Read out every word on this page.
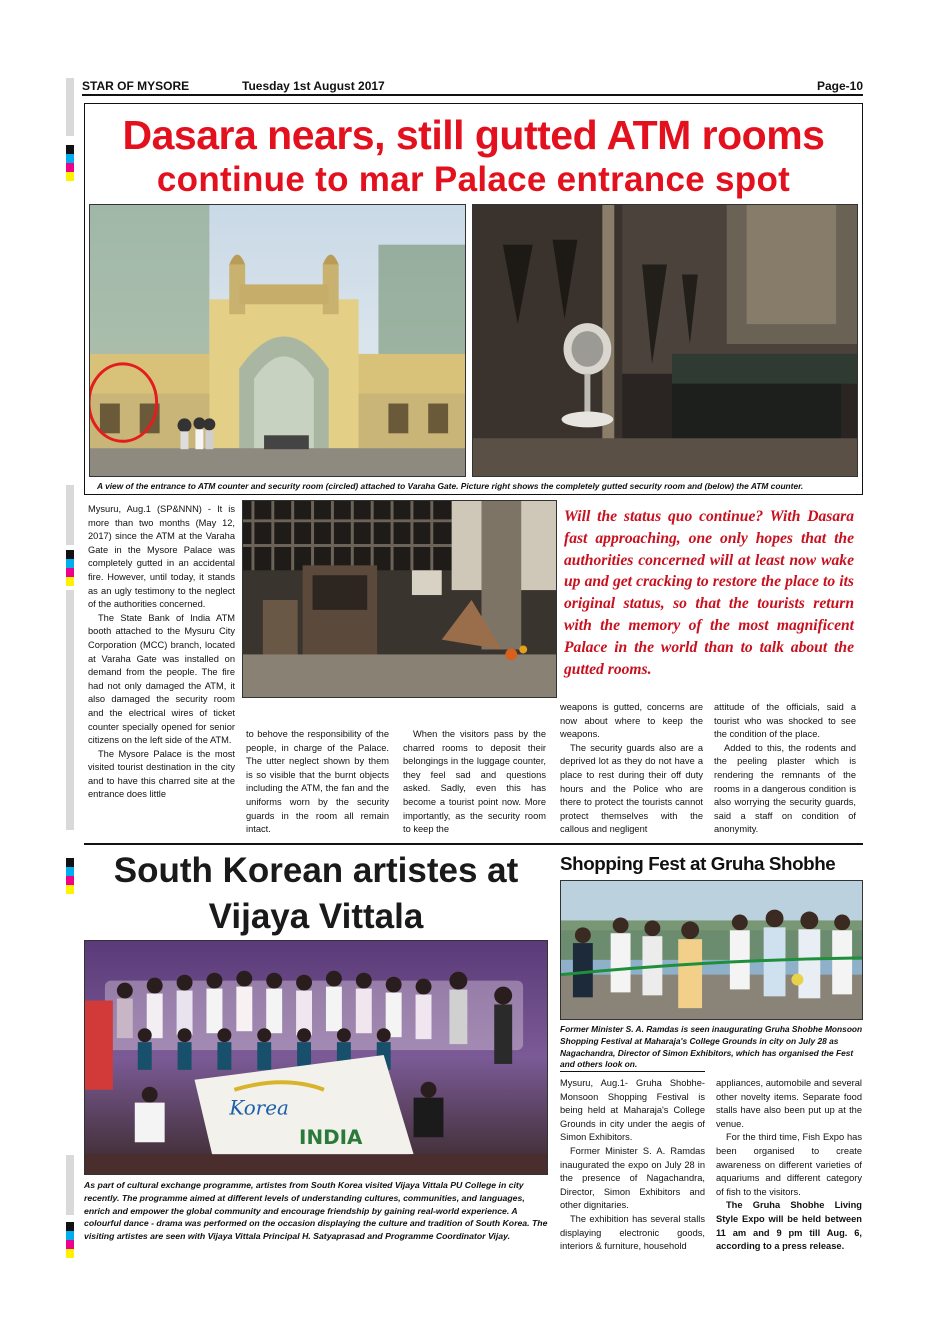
STAR OF MYSORE	Tuesday 1st August 2017	Page-10
Dasara nears, still gutted ATM rooms
continue to mar Palace entrance spot
A view of the entrance to ATM counter and security room (circled) attached to Varaha Gate. Picture right shows the completely gutted security room and (below) the ATM counter.

Mysuru, Aug.1 (SP&NNN) - It is more than two months (May 12, 2017) since the ATM at the Varaha Gate in the Mysore Palace was completely gutted in an accidental fire. However, until today, it stands as an ugly testimony to the neglect of the authorities concerned.

The State Bank of India ATM booth attached to the Mysuru City Corporation (MCC) branch, located at Varaha Gate was installed on demand from the people. The fire had not only damaged the ATM, it also damaged the security room and the electrical wires of ticket counter specially opened for senior citizens on the left side of the ATM.

The Mysore Palace is the most visited tourist destination in the city and to have this charred site at the entrance does little

to behove the responsibility of the people, in charge of the Palace. The utter neglect shown by them is so visible that the burnt objects including the ATM, the fan and the uniforms worn by the security guards in the room all remain intact.

When the visitors pass by the charred rooms to deposit their belongings in the luggage counter, they feel sad and questions asked. Sadly, even this has become a tourist point now. More importantly, as the security room to keep the

Will the status quo continue? With Dasara fast approaching, one only hopes that the authorities concerned will at least now wake up and get cracking to restore the place to its original status, so that the tourists return with the memory of the most magnificent Palace in the world than to talk about the gutted rooms.

weapons is gutted, concerns are now about where to keep the weapons.

The security guards also are a deprived lot as they do not have a place to rest during their off duty hours and the Police who are there to protect the tourists cannot protect themselves with the callous and negligent

attitude of the officials, said a tourist who was shocked to see the condition of the place.

Added to this, the rodents and the peeling plaster which is rendering the remnants of the rooms in a dangerous condition is also worrying the security guards, said a staff on condition of anonymity.

South Korean artistes at
Vijaya Vittala
Korea
INDIA
As part of cultural exchange programme, artistes from South Korea visited Vijaya Vittala PU College in city recently. The programme aimed at different levels of understanding cultures, communities, and languages, enrich and empower the global community and encourage friendship by gaining real-world experience. A colourful dance - drama was performed on the occasion displaying the culture and tradition of South Korea. The visiting artistes are seen with Vijaya Vittala Principal H. Satyaprasad and Programme Coordinator Vijay.
Shopping Fest at Gruha Shobhe
Former Minister S. A. Ramdas is seen inaugurating Gruha Shobhe Monsoon Shopping Festival at Maharaja's College Grounds in city on July 28 as Nagachandra, Director of Simon Exhibitors, which has organised the Fest and others look on.

Mysuru, Aug.1- Gruha Shobhe-Monsoon Shopping Festival is being held at Maharaja's College Grounds in city under the aegis of Simon Exhibitors.

Former Minister S. A. Ramdas inaugurated the expo on July 28 in the presence of Nagachandra, Director, Simon Exhibitors and other dignitaries.

The exhibition has several stalls displaying electronic goods, interiors & furniture, household

appliances, automobile and several other novelty items. Separate food stalls have also been put up at the venue.

For the third time, Fish Expo has been organised to create awareness on different varieties of aquariums and different category of fish to the visitors.

The Gruha Shobhe Living Style Expo will be held between 11 am and 9 pm till Aug. 6, according to a press release.
